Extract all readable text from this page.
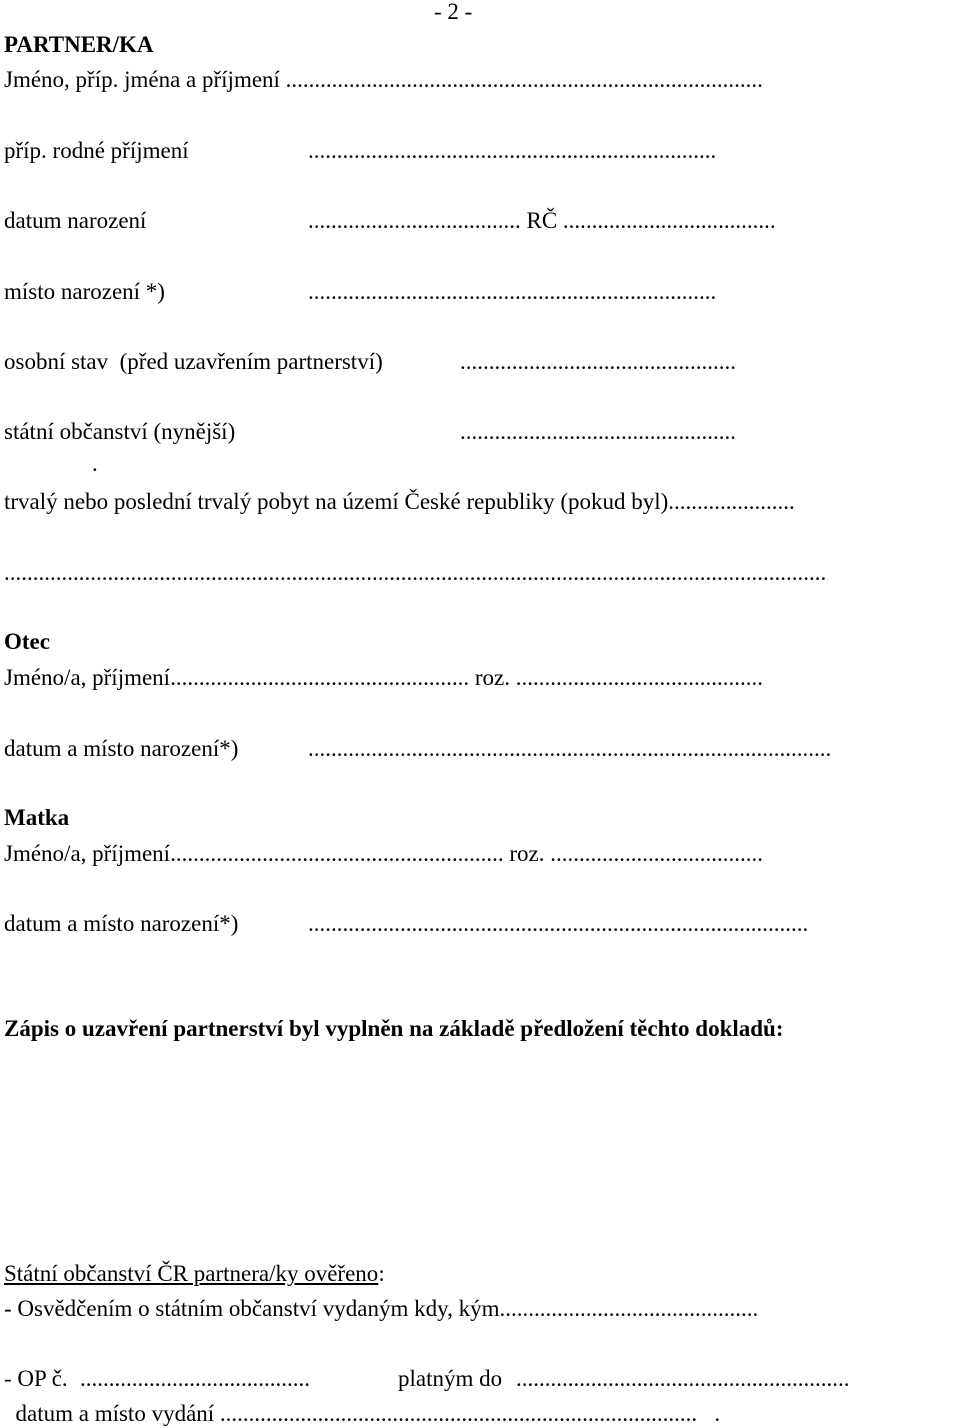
- 2 -
PARTNER/KA
Jméno, příp. jména a příjmení ...................................................................................
příp. rodné příjmení	.......................................................................
datum narození	..................................... RČ .....................................
místo narození *)	.......................................................................
osobní stav  (před uzavřením partnerství)	................................................
státní občanství (nynější)	................................................
.
trvalý nebo poslední trvalý pobyt na území České republiky (pokud byl)......................
...............................................................................................................................................
Otec
Jméno/a, příjmení.................................................... roz. ...........................................
datum a místo narození*)	...........................................................................................
Matka
Jméno/a, příjmení.......................................................... roz. .....................................
datum a místo narození*)	.......................................................................................
Zápis o uzavření partnerství byl vyplněn na základě předložení těchto dokladů:
Státní občanství ČR partnera/ky ověřeno:
- Osvědčením o státním občanství vydaným kdy, kým.............................................
- OP č. ........................................	platným do ..........................................................
datum a místo vydání ...................................................................................   .
